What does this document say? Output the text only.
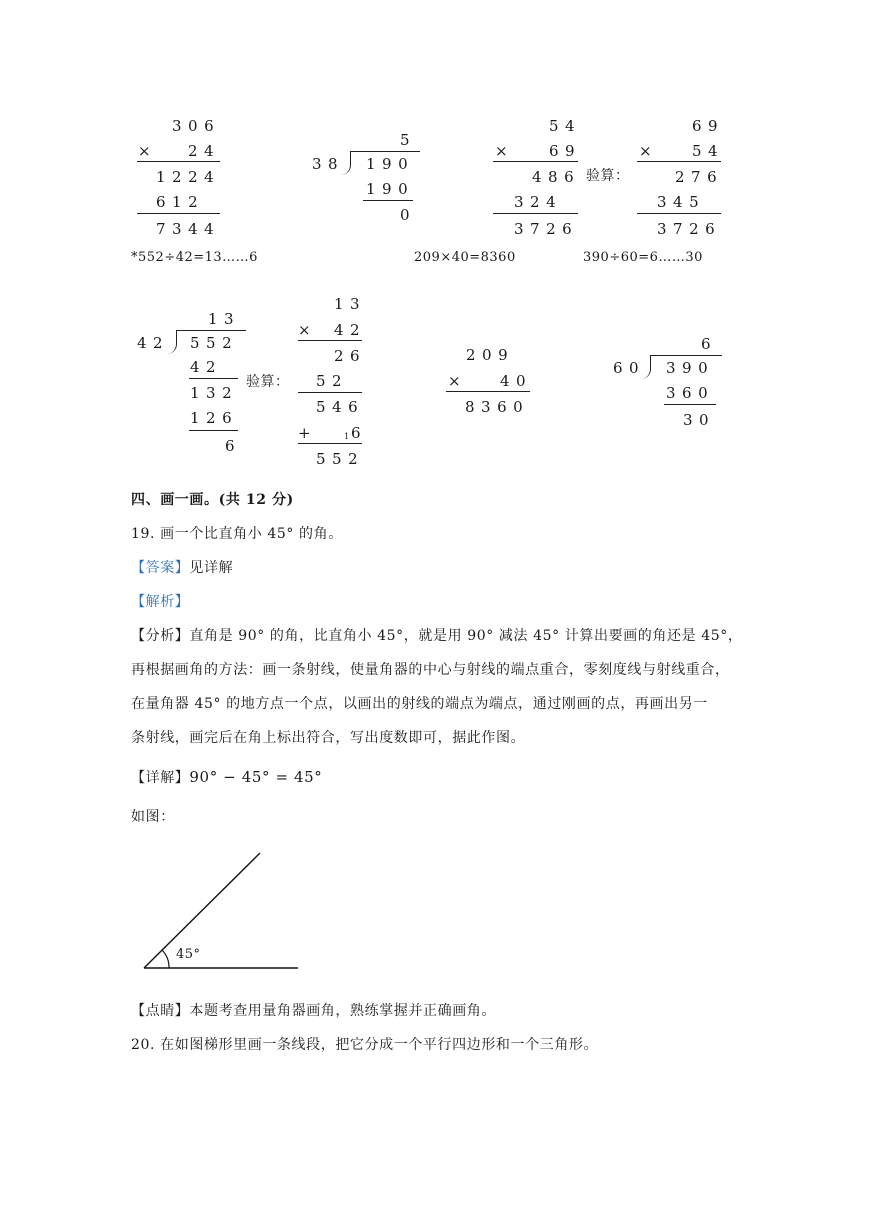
306
× 24
1224
612
7344
5
38 190
190
0
54
× 69
486
324
3726
验算：
69
× 54
276
345
3726
*552÷42=13……6	209×40=8360	390÷60=6……30
13
42 552
42
132
126
6
验算：
13
× 42
26
52
546
+	1 6
552
209
× 40
8360
6
60 390
360
30
四、画一画。(共 12 分)
19. 画一个比直角小 45° 的角。
【答案】见详解
【解析】
【分析】直角是 90° 的角，比直角小 45°，就是用 90° 减法 45° 计算出要画的角还是 45°，
再根据画角的方法：画一条射线，使量角器的中心与射线的端点重合，零刻度线与射线重合，
在量角器 45° 的地方点一个点，以画出的射线的端点为端点，通过刚画的点，再画出另一
条射线，画完后在角上标出符合，写出度数即可，据此作图。
【详解】90° − 45° = 45°
如图：
45°
【点睛】本题考查用量角器画角，熟练掌握并正确画角。
20. 在如图梯形里画一条线段，把它分成一个平行四边形和一个三角形。
